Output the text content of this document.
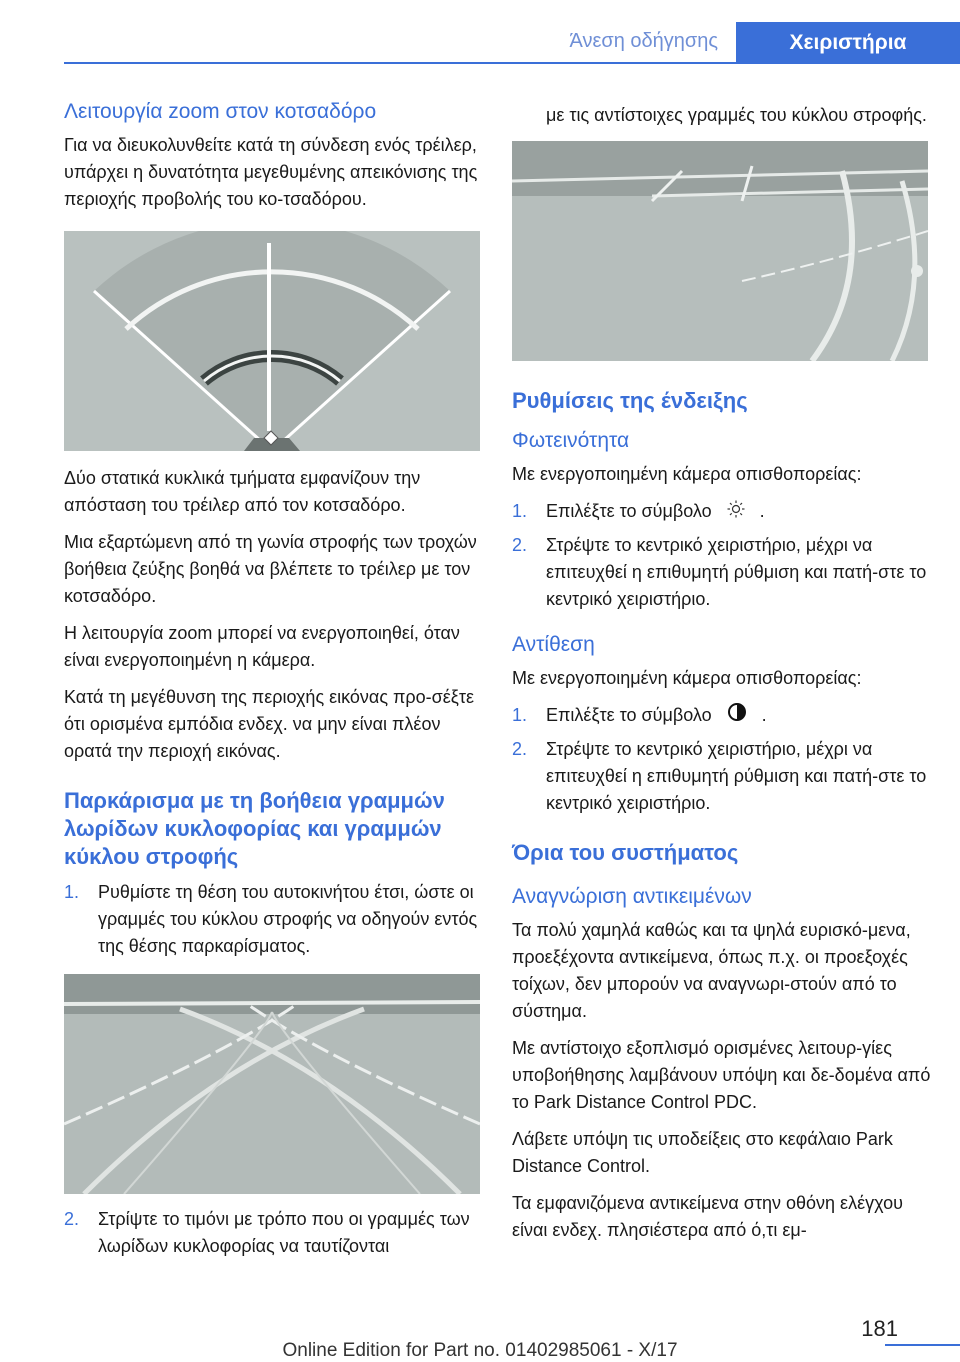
Άνεση οδήγησης	Χειριστήρια
Λειτουργία zoom στον κοτσαδόρο

Για να διευκολυνθείτε κατά τη σύνδεση ενός τρέιλερ, υπάρχει η δυνατότητα μεγεθυμένης απεικόνισης της περιοχής προβολής του κο-τσαδόρου.

Δύο στατικά κυκλικά τμήματα εμφανίζουν την απόσταση του τρέιλερ από τον κοτσαδόρο.

Μια εξαρτώμενη από τη γωνία στροφής των τροχών βοήθεια ζεύξης βοηθά να βλέπετε το τρέιλερ με τον κοτσαδόρο.

Η λειτουργία zoom μπορεί να ενεργοποιηθεί, όταν είναι ενεργοποιημένη η κάμερα.

Κατά τη μεγέθυνση της περιοχής εικόνας προ-σέξτε ότι ορισμένα εμπόδια ενδεχ. να μην είναι πλέον ορατά την περιοχή εικόνας.

Παρκάρισμα με τη βοήθεια γραμμών λωρίδων κυκλοφορίας και γραμμών κύκλου στροφής
1. Ρυθμίστε τη θέση του αυτοκινήτου έτσι, ώστε οι γραμμές του κύκλου στροφής να οδηγούν εντός της θέσης παρκαρίσματος.
2. Στρίψτε το τιμόνι με τρόπο που οι γραμμές των λωρίδων κυκλοφορίας να ταυτίζονται
με τις αντίστοιχες γραμμές του κύκλου στροφής.
Ρυθμίσεις της ένδειξης
Φωτεινότητα

Με ενεργοποιημένη κάμερα οπισθοπορείας:

1. Επιλέξτε το σύμβολο	.
2. Στρέψτε το κεντρικό χειριστήριο, μέχρι να επιτευχθεί η επιθυμητή ρύθμιση και πατή-στε το κεντρικό χειριστήριο.
Αντίθεση

Με ενεργοποιημένη κάμερα οπισθοπορείας:

1. Επιλέξτε το σύμβολο	.
2. Στρέψτε το κεντρικό χειριστήριο, μέχρι να επιτευχθεί η επιθυμητή ρύθμιση και πατή-στε το κεντρικό χειριστήριο.
Όρια του συστήματος
Αναγνώριση αντικειμένων

Τα πολύ χαμηλά καθώς και τα ψηλά ευρισκό-μενα, προεξέχοντα αντικείμενα, όπως π.χ. οι προεξοχές τοίχων, δεν μπορούν να αναγνωρι-στούν από το σύστημα.

Με αντίστοιχο εξοπλισμό ορισμένες λειτουρ-γίες υποβοήθησης λαμβάνουν υπόψη και δε-δομένα από το Park Distance Control PDC.

Λάβετε υπόψη τις υποδείξεις στο κεφάλαιο Park Distance Control.

Τα εμφανιζόμενα αντικείμενα στην οθόνη ελέγχου είναι ενδεχ. πλησιέστερα από ό,τι εμ-

181
Online Edition for Part no. 01402985061 - X/17
